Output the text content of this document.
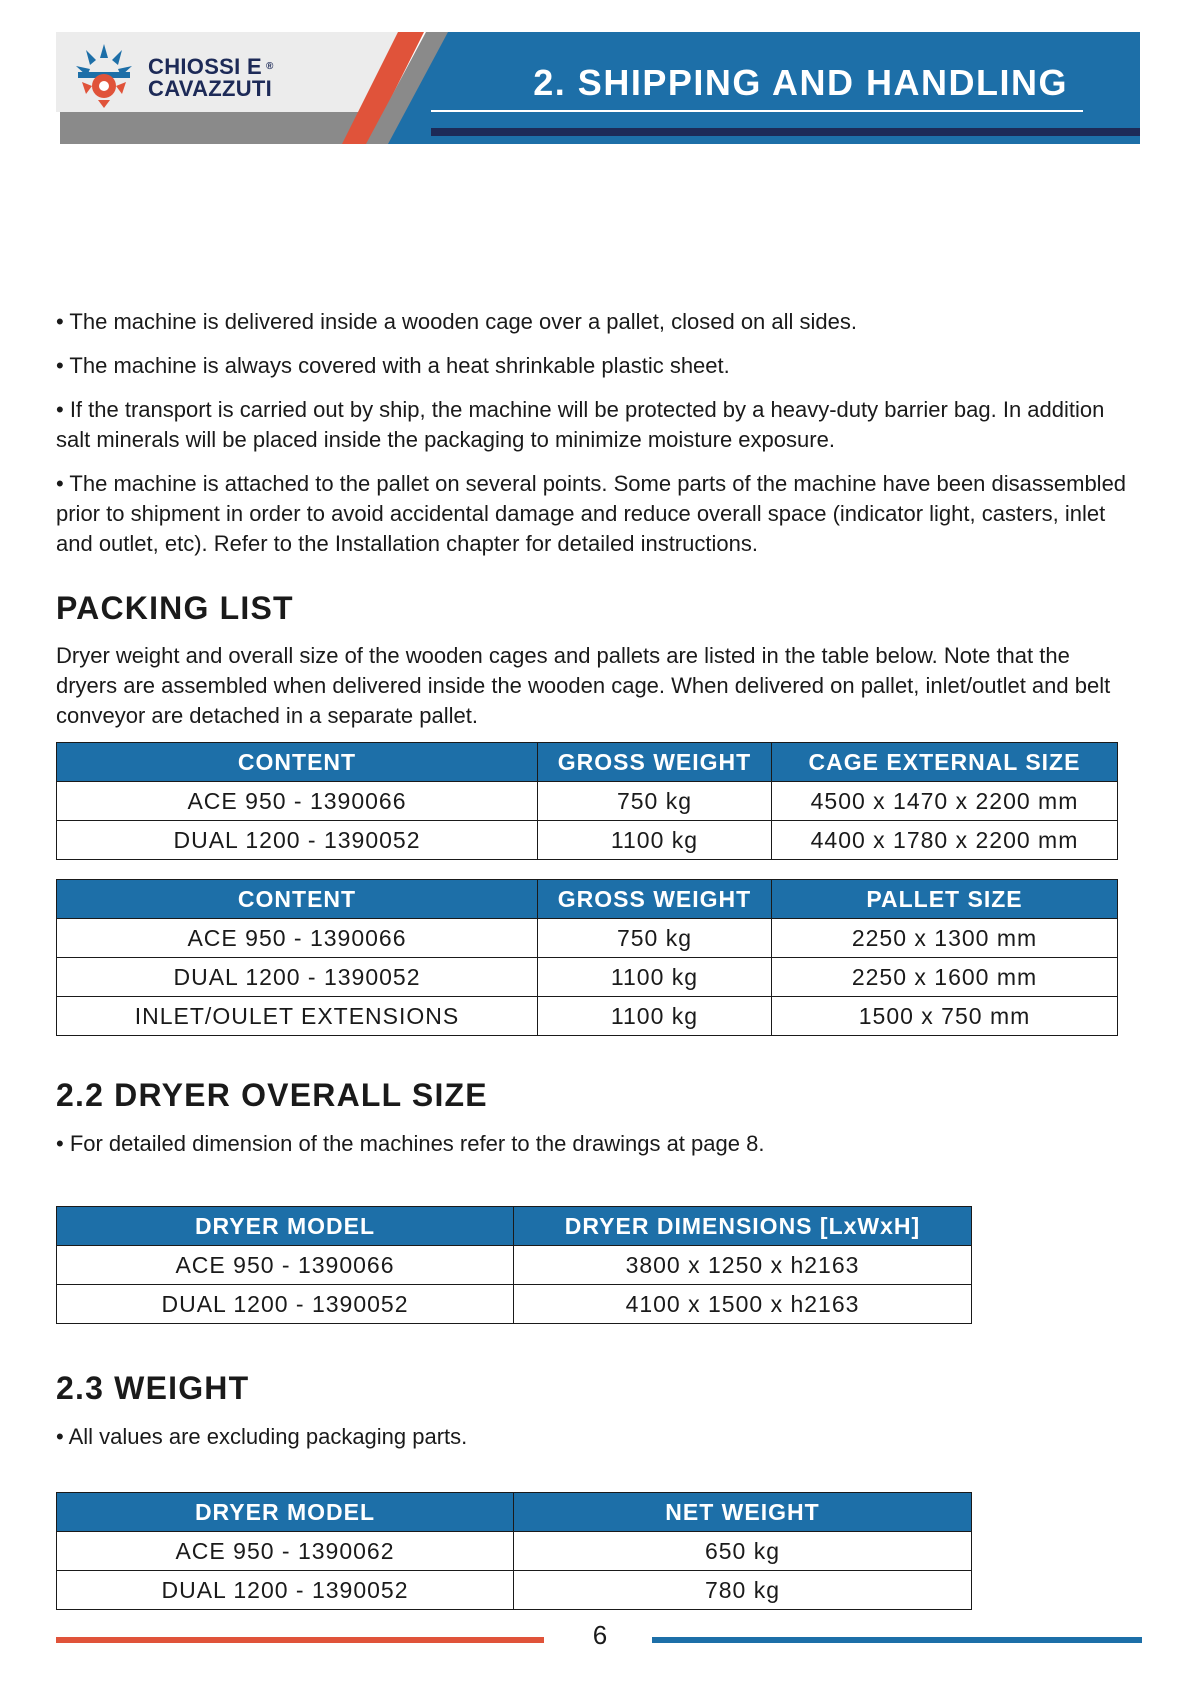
CHIOSSI E ®
CAVAZZUTI	2. SHIPPING AND HANDLING

• The machine is delivered inside a wooden cage over a pallet, closed on all sides.

• The machine is always covered with a heat shrinkable plastic sheet.

• If the transport is carried out by ship, the machine will be protected by a heavy-duty barrier bag. In addition salt minerals will be placed inside the packaging to minimize moisture exposure.

• The machine is attached to the pallet on several points. Some parts of the machine have been disassembled prior to shipment in order to avoid accidental damage and reduce overall space (indicator light, casters, inlet and outlet, etc). Refer to the Installation chapter for detailed instructions.

PACKING LIST

Dryer weight and overall size of the wooden cages and pallets are listed in the table below. Note that the dryers are assembled when delivered inside the wooden cage. When delivered on pallet, inlet/outlet and belt conveyor are detached in a separate pallet.

CONTENT	GROSS WEIGHT	CAGE EXTERNAL SIZE
ACE 950 - 1390066	750 kg	4500 x 1470 x 2200 mm
DUAL 1200 - 1390052	1100 kg	4400 x 1780 x 2200 mm
CONTENT	GROSS WEIGHT	PALLET SIZE
ACE 950 - 1390066	750 kg	2250 x 1300 mm
DUAL 1200 - 1390052	1100 kg	2250 x 1600 mm
INLET/OULET EXTENSIONS	1100 kg	1500 x 750 mm
2.2 DRYER OVERALL SIZE

• For detailed dimension of the machines refer to the drawings at page 8.

DRYER MODEL	DRYER DIMENSIONS [LxWxH]
ACE 950 - 1390066	3800 x 1250 x h2163
DUAL 1200 - 1390052	4100 x 1500 x h2163
2.3 WEIGHT

• All values are excluding packaging parts.

DRYER MODEL	NET WEIGHT
ACE 950 - 1390062	650 kg
DUAL 1200 - 1390052	780 kg
6
